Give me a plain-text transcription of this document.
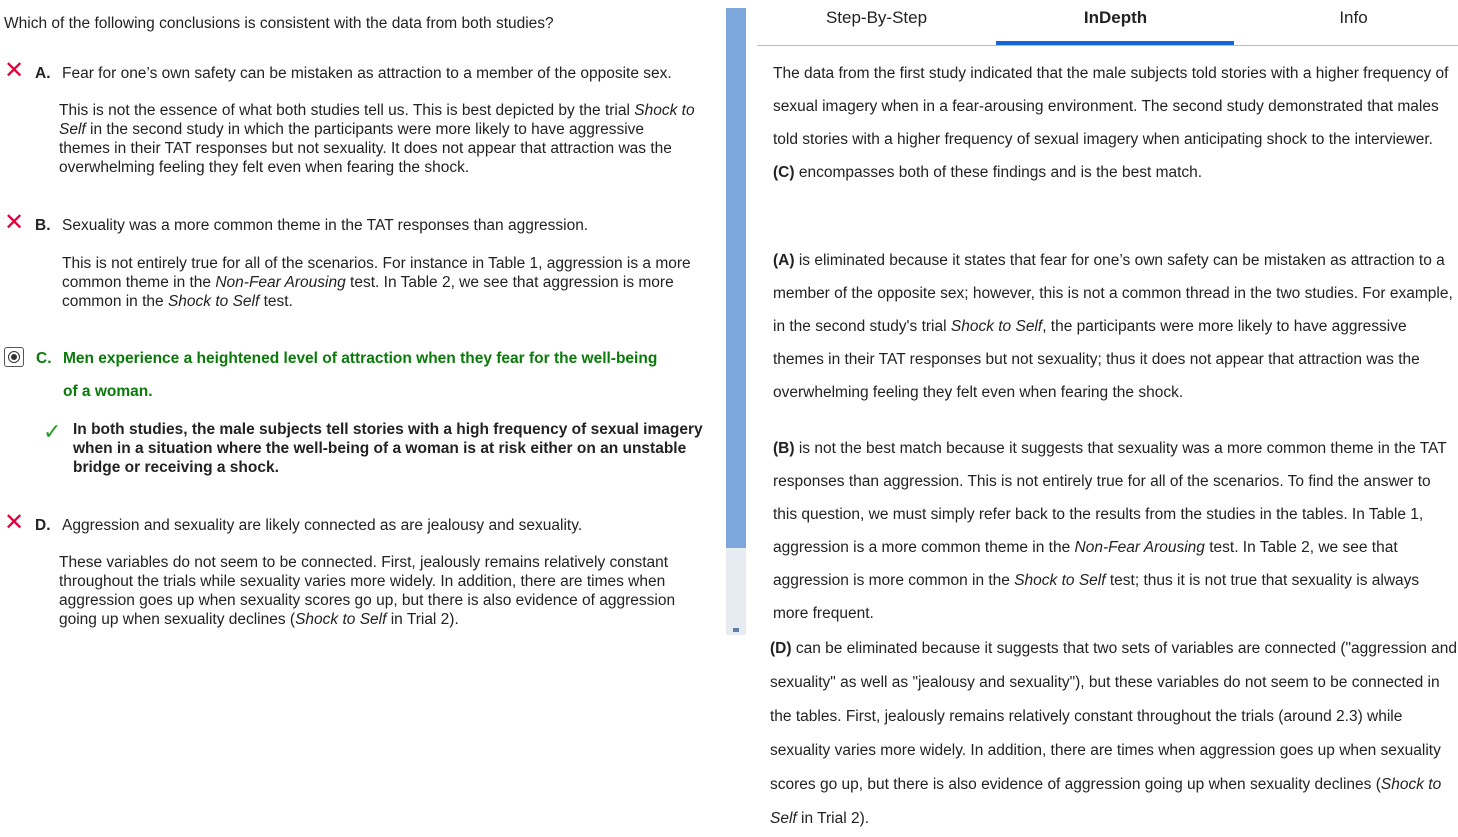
Which of the following conclusions is consistent with the data from both studies?
✕ A. Fear for one’s own safety can be mistaken as attraction to a member of the opposite sex.
This is not the essence of what both studies tell us. This is best depicted by the trial Shock to Self in the second study in which the participants were more likely to have aggressive themes in their TAT responses but not sexuality. It does not appear that attraction was the overwhelming feeling they felt even when fearing the shock.
✕ B. Sexuality was a more common theme in the TAT responses than aggression.
This is not entirely true for all of the scenarios. For instance in Table 1, aggression is a more common theme in the Non-Fear Arousing test. In Table 2, we see that aggression is more common in the Shock to Self test.
C. Men experience a heightened level of attraction when they fear for the well-being
of a woman.
✓ In both studies, the male subjects tell stories with a high frequency of sexual imagery when in a situation where the well-being of a woman is at risk either on an unstable bridge or receiving a shock.
✕ D. Aggression and sexuality are likely connected as are jealousy and sexuality.
These variables do not seem to be connected. First, jealously remains relatively constant throughout the trials while sexuality varies more widely. In addition, there are times when aggression goes up when sexuality scores go up, but there is also evidence of aggression going up when sexuality declines (Shock to Self in Trial 2).
Step-By-Step	InDepth	Info
The data from the first study indicated that the male subjects told stories with a higher frequency of sexual imagery when in a fear-arousing environment. The second study demonstrated that males told stories with a higher frequency of sexual imagery when anticipating shock to the interviewer. (C) encompasses both of these findings and is the best match.
(A) is eliminated because it states that fear for one’s own safety can be mistaken as attraction to a member of the opposite sex; however, this is not a common thread in the two studies. For example, in the second study's trial Shock to Self, the participants were more likely to have aggressive themes in their TAT responses but not sexuality; thus it does not appear that attraction was the overwhelming feeling they felt even when fearing the shock.
(B) is not the best match because it suggests that sexuality was a more common theme in the TAT responses than aggression. This is not entirely true for all of the scenarios. To find the answer to this question, we must simply refer back to the results from the studies in the tables. In Table 1, aggression is a more common theme in the Non-Fear Arousing test. In Table 2, we see that aggression is more common in the Shock to Self test; thus it is not true that sexuality is always more frequent.
(D) can be eliminated because it suggests that two sets of variables are connected ("aggression and sexuality" as well as "jealousy and sexuality"), but these variables do not seem to be connected in the tables. First, jealously remains relatively constant throughout the trials (around 2.3) while sexuality varies more widely. In addition, there are times when aggression goes up when sexuality scores go up, but there is also evidence of aggression going up when sexuality declines (Shock to Self in Trial 2).
